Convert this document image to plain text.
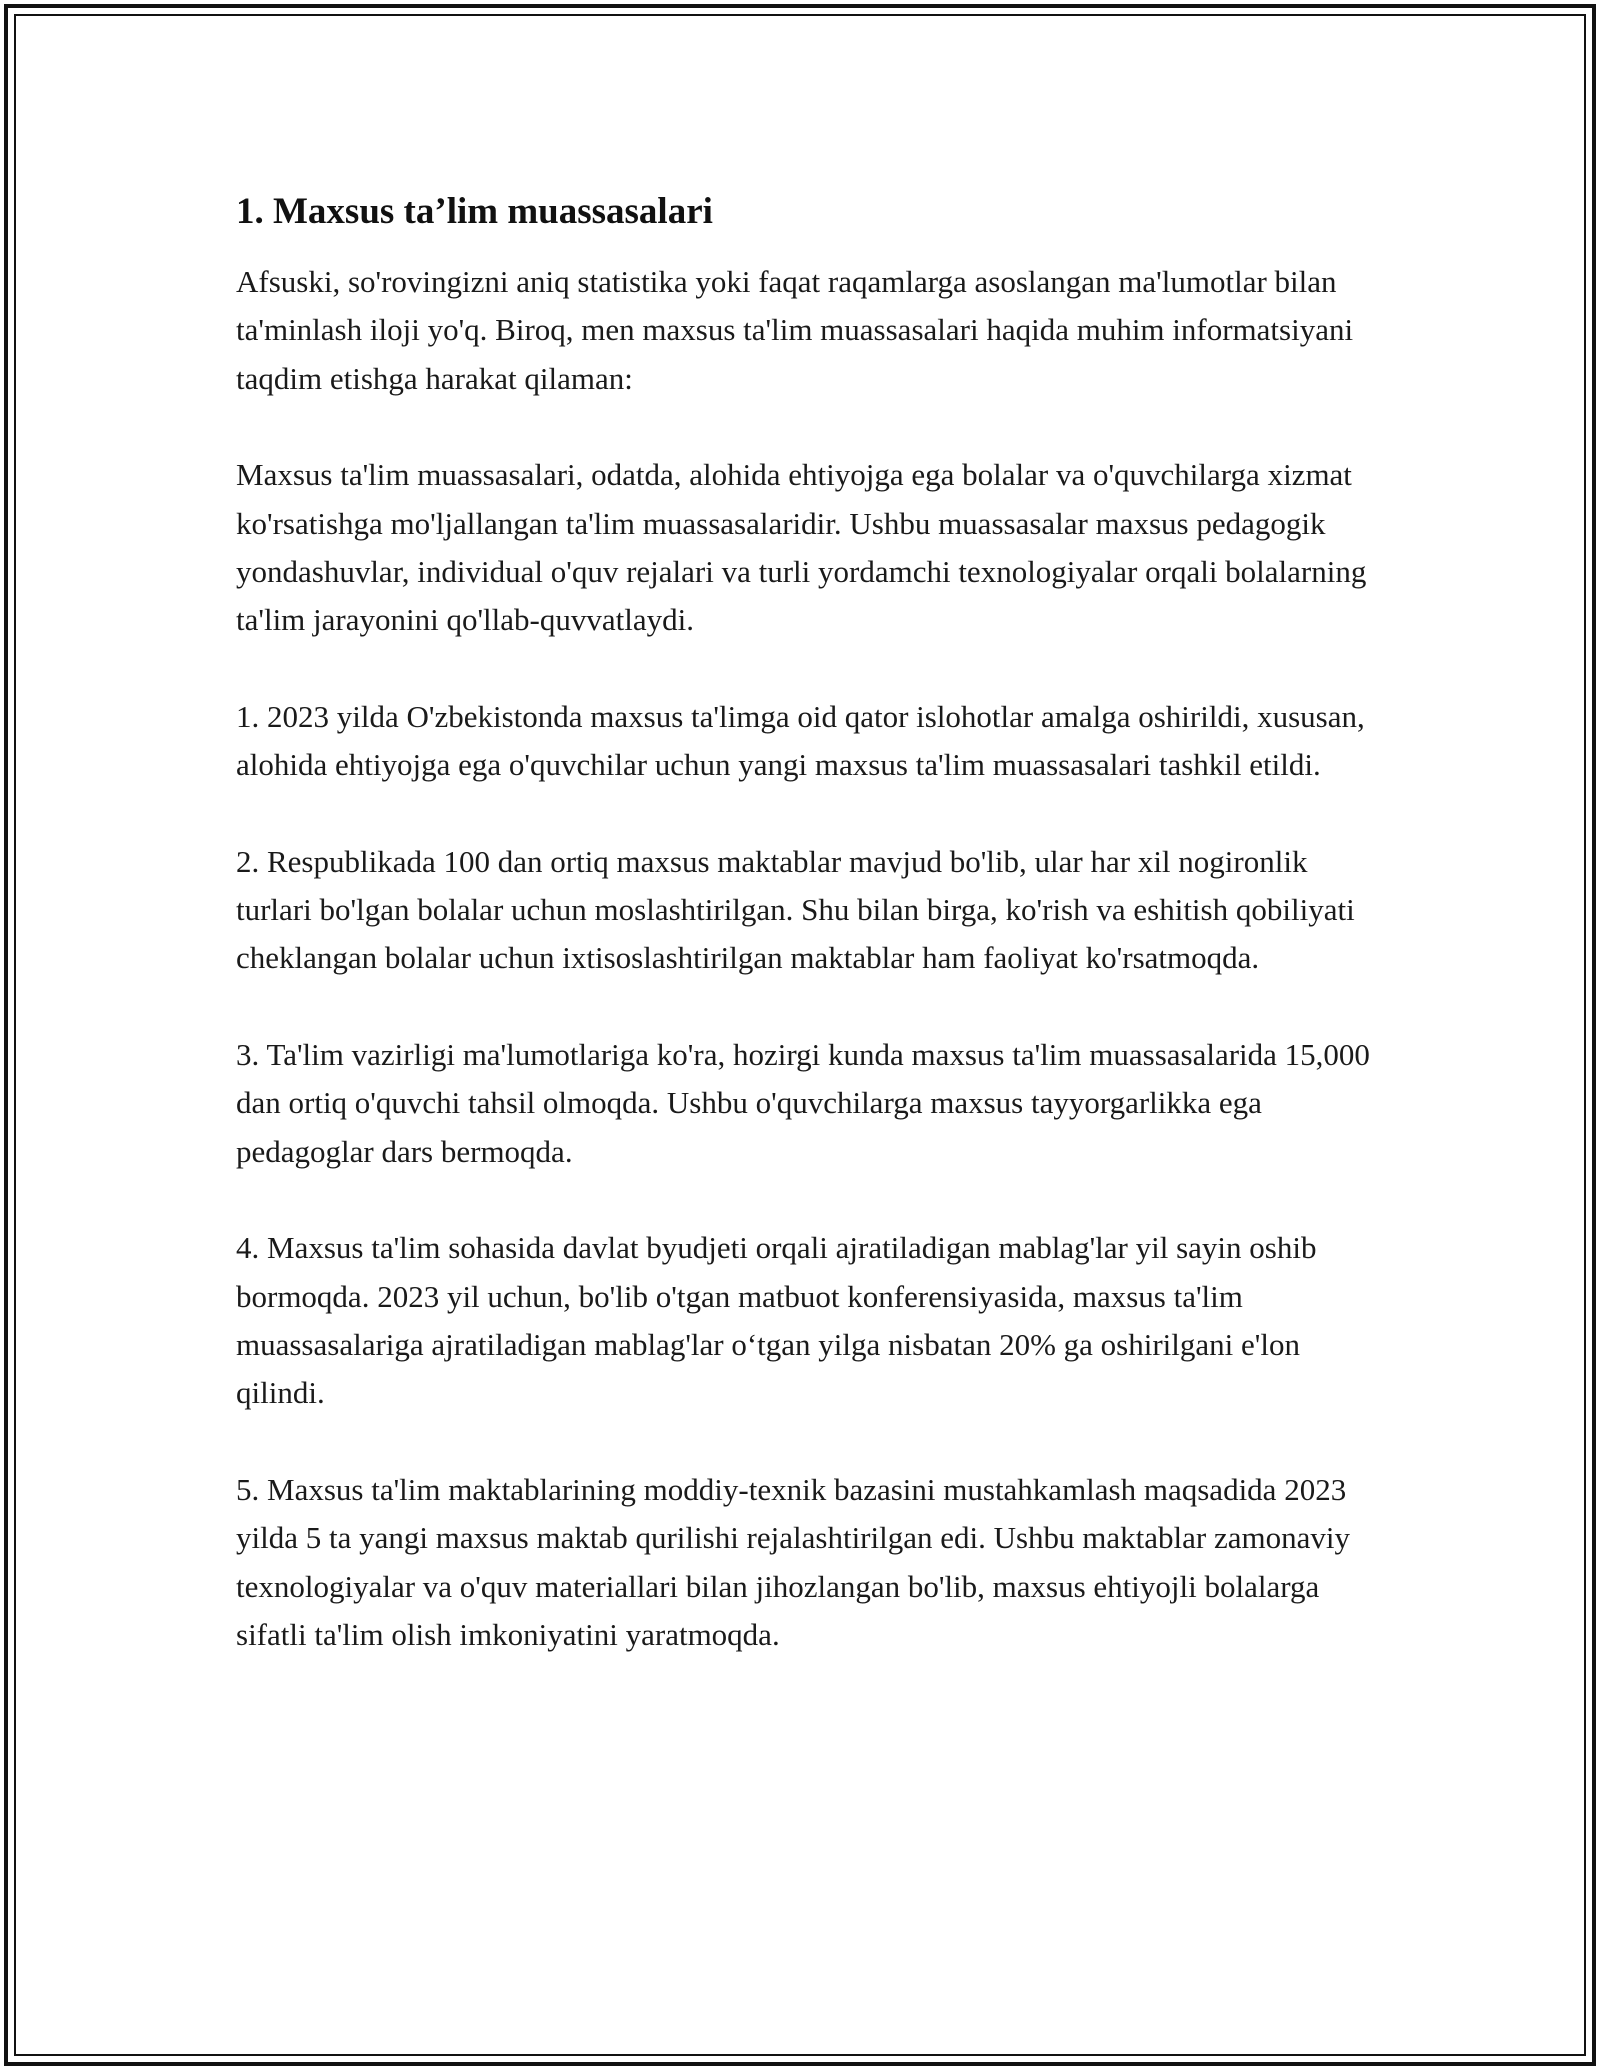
1. Maxsus ta’lim muassasalari

Afsuski, so'rovingizni aniq statistika yoki faqat raqamlarga asoslangan ma'lumotlar bilan ta'minlash iloji yo'q. Biroq, men maxsus ta'lim muassasalari haqida muhim informatsiyani taqdim etishga harakat qilaman:

Maxsus ta'lim muassasalari, odatda, alohida ehtiyojga ega bolalar va o'quvchilarga xizmat ko'rsatishga mo'ljallangan ta'lim muassasalaridir. Ushbu muassasalar maxsus pedagogik yondashuvlar, individual o'quv rejalari va turli yordamchi texnologiyalar orqali bolalarning ta'lim jarayonini qo'llab-quvvatlaydi.

1. 2023 yilda O'zbekistonda maxsus ta'limga oid qator islohotlar amalga oshirildi, xususan, alohida ehtiyojga ega o'quvchilar uchun yangi maxsus ta'lim muassasalari tashkil etildi.

2. Respublikada 100 dan ortiq maxsus maktablar mavjud bo'lib, ular har xil nogironlik turlari bo'lgan bolalar uchun moslashtirilgan. Shu bilan birga, ko'rish va eshitish qobiliyati cheklangan bolalar uchun ixtisoslashtirilgan maktablar ham faoliyat ko'rsatmoqda.

3. Ta'lim vazirligi ma'lumotlariga ko'ra, hozirgi kunda maxsus ta'lim muassasalarida 15,000 dan ortiq o'quvchi tahsil olmoqda. Ushbu o'quvchilarga maxsus tayyorgarlikka ega pedagoglar dars bermoqda.

4. Maxsus ta'lim sohasida davlat byudjeti orqali ajratiladigan mablag'lar yil sayin oshib bormoqda. 2023 yil uchun, bo'lib o'tgan matbuot konferensiyasida, maxsus ta'lim muassasalariga ajratiladigan mablag'lar o‘tgan yilga nisbatan 20% ga oshirilgani e'lon qilindi.

5. Maxsus ta'lim maktablarining moddiy-texnik bazasini mustahkamlash maqsadida 2023 yilda 5 ta yangi maxsus maktab qurilishi rejalashtirilgan edi. Ushbu maktablar zamonaviy texnologiyalar va o'quv materiallari bilan jihozlangan bo'lib, maxsus ehtiyojli bolalarga sifatli ta'lim olish imkoniyatini yaratmoqda.
